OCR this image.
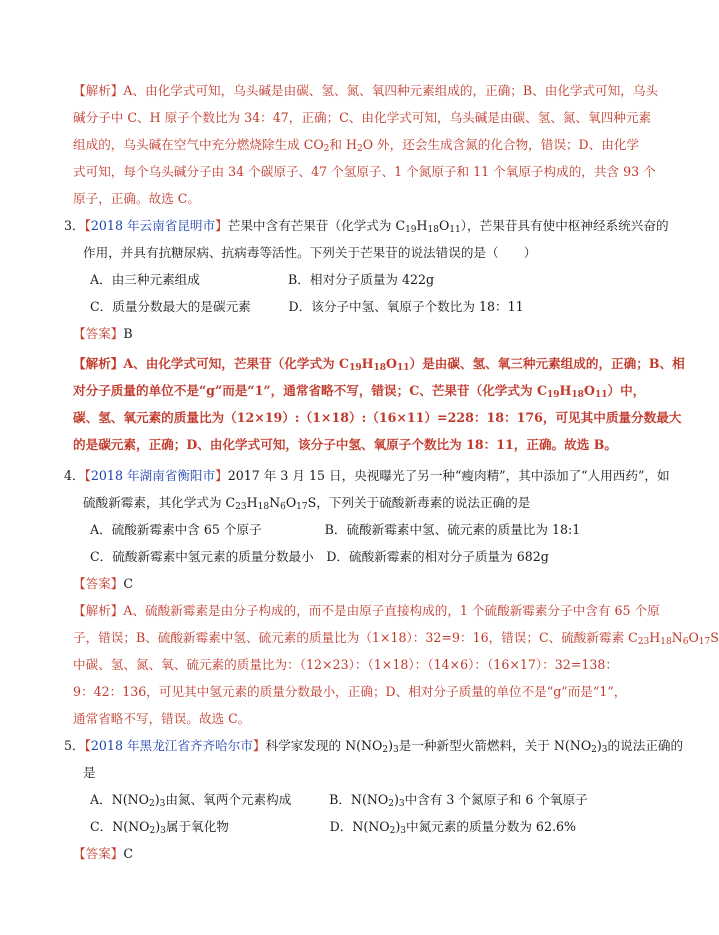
【解析】A、由化学式可知，乌头碱是由碳、氢、氮、氧四种元素组成的，正确；B、由化学式可知，乌头
碱分子中 C、H 原子个数比为 34：47，正确；C、由化学式可知，乌头碱是由碳、氢、氮、氧四种元素
组成的，乌头碱在空气中充分燃烧除生成 $CO_2$和 $H_2O$ 外，还会生成含氮的化合物，错误；D、由化学
式可知，每个乌头碱分子由 34 个碳原子、47 个氢原子、1 个氮原子和 11 个氧原子构成的，共含 93 个
原子，正确。故选 C。
3．【2018 年云南省昆明市】芒果中含有芒果苷（化学式为 $C_{19}H_{18}O_{11}$），芒果苷具有使中枢神经系统兴奋的
作用，并具有抗糖尿病、抗病毒等活性。下列关于芒果苷的说法错误的是（　　）
A．由三种元素组成　　　　　　　B．相对分子质量为 422g
C．质量分数最大的是碳元素　　　D．该分子中氢、氧原子个数比为 18：11
【答案】B
【解析】A、由化学式可知，芒果苷（化学式为 $C_{19}H_{18}O_{11}$）是由碳、氢、氧三种元素组成的，正确；B、相
对分子质量的单位不是“g”而是“1”，通常省略不写，错误；C、芒果苷（化学式为 $C_{19}H_{18}O_{11}$）中，
碳、氢、氧元素的质量比为（12×19）:（1×18）:（16×11）=228：18：176，可见其中质量分数最大
的是碳元素，正确；D、由化学式可知，该分子中氢、氧原子个数比为 18：11，正确。故选 B。
4．【2018 年湖南省衡阳市】2017 年 3 月 15 日，央视曝光了另一种“瘦肉精”，其中添加了“人用西药”，如
硫酸新霉素，其化学式为 $C_{23}H_{18}N_6O_{17}S$，下列关于硫酸新毒素的说法正确的是
A．硫酸新霉素中含 65 个原子　　　　　B．硫酸新霉素中氢、硫元素的质量比为 18:1
C．硫酸新霉素中氢元素的质量分数最小　D．硫酸新霉素的相对分子质量为 682g
【答案】C
【解析】A、硫酸新霉素是由分子构成的，而不是由原子直接构成的，1 个硫酸新霉素分子中含有 65 个原
子，错误；B、硫酸新霉素中氢、硫元素的质量比为（1×18）：32=9：16，错误；C、硫酸新霉素 $C_{23}H_{18}N_6O_{17}S$
中碳、氢、氮、氧、硫元素的质量比为：（12×23）：（1×18）：（14×6）：（16×17）：32=138：
9：42：136，可见其中氢元素的质量分数最小，正确；D、相对分子质量的单位不是“g”而是“1”，
通常省略不写，错误。故选 C。
5．【2018 年黑龙江省齐齐哈尔市】科学家发现的 $N(NO_2)_3$是一种新型火箭燃料，关于 $N(NO_2)_3$的说法正确的
是
A．$N(NO_2)_3$由氮、氧两个元素构成　　　B．$N(NO_2)_3$中含有 3 个氮原子和 6 个氧原子
C．$N(NO_2)_3$属于氧化物　　　　　　　　D．$N(NO_2)_3$中氮元素的质量分数为 62.6%
【答案】C
